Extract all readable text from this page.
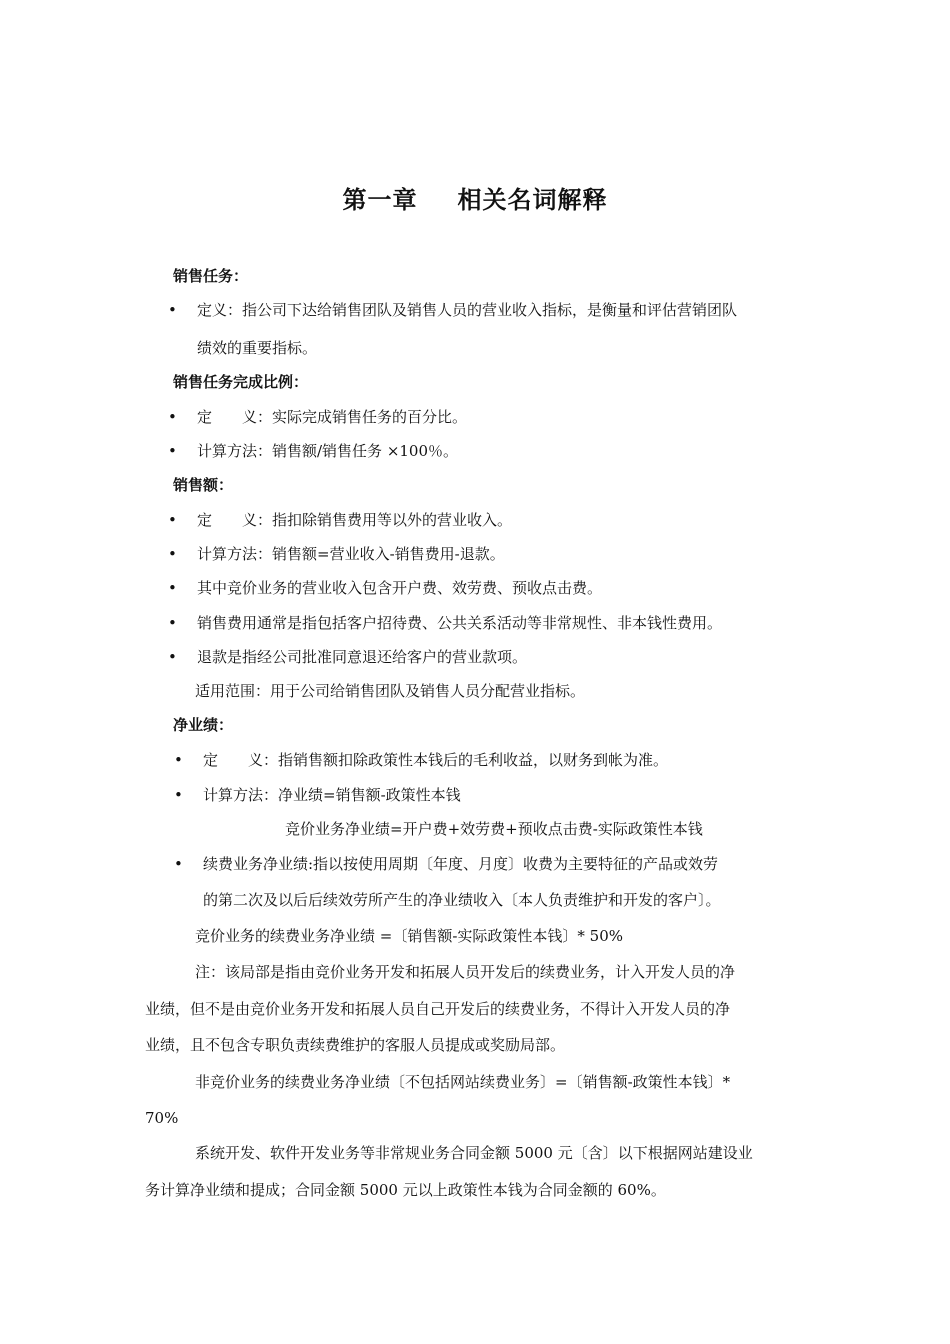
第一章 相关名词解释
销售任务：
• 定义：指公司下达给销售团队及销售人员的营业收入指标，是衡量和评估营销团队
绩效的重要指标。
销售任务完成比例：
• 定　　义：实际完成销售任务的百分比。
• 计算方法：销售额/销售任务 ×100％。
销售额：
• 定　　义：指扣除销售费用等以外的营业收入。
• 计算方法：销售额=营业收入-销售费用-退款。
• 其中竞价业务的营业收入包含开户费、效劳费、预收点击费。
• 销售费用通常是指包括客户招待费、公共关系活动等非常规性、非本钱性费用。
• 退款是指经公司批准同意退还给客户的营业款项。
适用范围：用于公司给销售团队及销售人员分配营业指标。
净业绩：
• 定　　义：指销售额扣除政策性本钱后的毛利收益，以财务到帐为准。
• 计算方法：净业绩=销售额-政策性本钱
竞价业务净业绩=开户费+效劳费+预收点击费-实际政策性本钱
• 续费业务净业绩:指以按使用周期〔年度、月度〕收费为主要特征的产品或效劳
的第二次及以后后续效劳所产生的净业绩收入〔本人负责维护和开发的客户〕。
竞价业务的续费业务净业绩 =〔销售额-实际政策性本钱〕* 50%
注：该局部是指由竞价业务开发和拓展人员开发后的续费业务，计入开发人员的净
业绩，但不是由竞价业务开发和拓展人员自己开发后的续费业务，不得计入开发人员的净
业绩，且不包含专职负责续费维护的客服人员提成或奖励局部。
非竞价业务的续费业务净业绩〔不包括网站续费业务〕=〔销售额-政策性本钱〕*
70%
系统开发、软件开发业务等非常规业务合同金额 5000 元〔含〕以下根据网站建设业
务计算净业绩和提成；合同金额 5000 元以上政策性本钱为合同金额的 60%。
